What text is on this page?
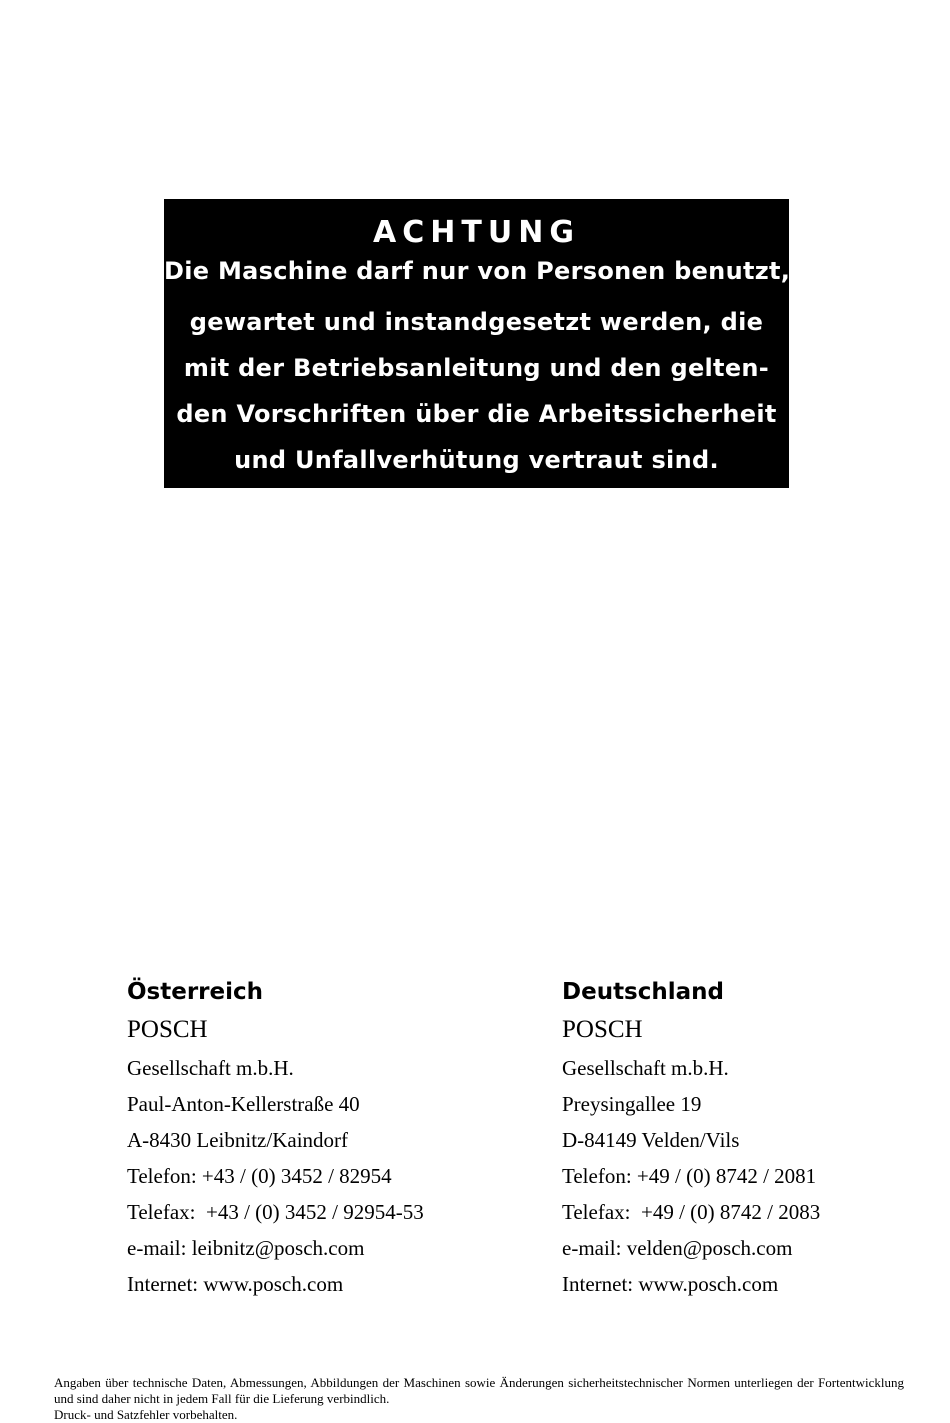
ACHTUNG

Die Maschine darf nur von Personen benutzt,

gewartet und instandgesetzt werden, die

mit der Betriebsanleitung und den gelten-

den Vorschriften über die Arbeitssicherheit

und Unfallverhütung vertraut sind.

Österreich

POSCH

Gesellschaft m.b.H.

Paul-Anton-Kellerstraße 40

A-8430 Leibnitz/Kaindorf

Telefon: +43 / (0) 3452 / 82954

Telefax:  +43 / (0) 3452 / 92954-53

e-mail: leibnitz@posch.com

Internet: www.posch.com

Deutschland

POSCH

Gesellschaft m.b.H.

Preysingallee 19

D-84149 Velden/Vils

Telefon: +49 / (0) 8742 / 2081

Telefax:  +49 / (0) 8742 / 2083

e-mail: velden@posch.com

Internet: www.posch.com

Angaben über technische Daten, Abmessungen, Abbildungen der Maschinen sowie Änderungen sicherheitstechnischer Normen unterliegen der Fortentwicklung und sind daher nicht in jedem Fall für die Lieferung verbindlich.

Druck- und Satzfehler vorbehalten.
